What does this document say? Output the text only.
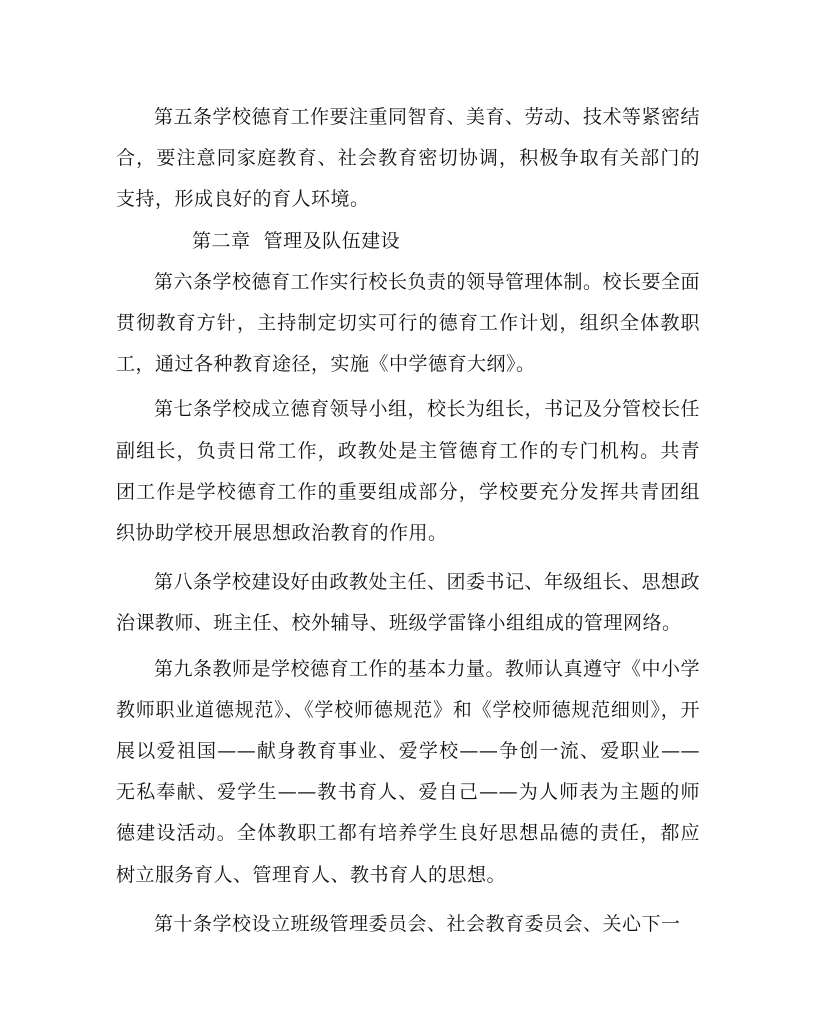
第五条学校德育工作要注重同智育、美育、劳动、技术等紧密结合，要注意同家庭教育、社会教育密切协调，积极争取有关部门的支持，形成良好的育人环境。

第二章  管理及队伍建设

第六条学校德育工作实行校长负责的领导管理体制。校长要全面贯彻教育方针，主持制定切实可行的德育工作计划，组织全体教职工，通过各种教育途径，实施《中学德育大纲》。

第七条学校成立德育领导小组，校长为组长，书记及分管校长任副组长，负责日常工作，政教处是主管德育工作的专门机构。共青团工作是学校德育工作的重要组成部分，学校要充分发挥共青团组织协助学校开展思想政治教育的作用。

第八条学校建设好由政教处主任、团委书记、年级组长、思想政治课教师、班主任、校外辅导、班级学雷锋小组组成的管理网络。

第九条教师是学校德育工作的基本力量。教师认真遵守《中小学教师职业道德规范》、《学校师德规范》和《学校师德规范细则》，开展以爱祖国——献身教育事业、爱学校——争创一流、爱职业——无私奉献、爱学生——教书育人、爱自己——为人师表为主题的师德建设活动。全体教职工都有培养学生良好思想品德的责任，都应树立服务育人、管理育人、教书育人的思想。

第十条学校设立班级管理委员会、社会教育委员会、关心下一
